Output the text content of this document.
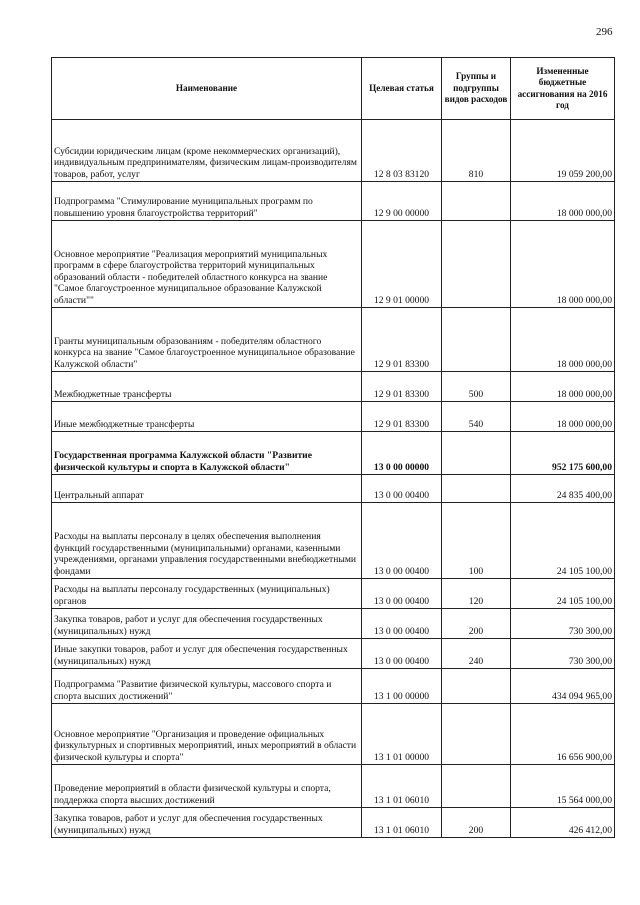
296
Наименование	Целевая статья	Группы и подгруппы видов расходов	Измененные бюджетные ассигнования на 2016 год
Субсидии юридическим лицам (кроме некоммерческих организаций), индивидуальным предпринимателям, физическим лицам-производителям товаров, работ, услуг	12 8 03 83120	810	19 059 200,00
Подпрограмма "Стимулирование муниципальных программ по повышению уровня благоустройства территорий"	12 9 00 00000		18 000 000,00
Основное мероприятие "Реализация мероприятий муниципальных программ в сфере благоустройства территорий муниципальных образований области - победителей областного конкурса на звание "Самое благоустроенное муниципальное образование Калужской области""	12 9 01 00000		18 000 000,00
Гранты муниципальным образованиям - победителям областного конкурса на звание "Самое благоустроенное муниципальное образование Калужской области"	12 9 01 83300		18 000 000,00
Межбюджетные трансферты	12 9 01 83300	500	18 000 000,00
Иные межбюджетные трансферты	12 9 01 83300	540	18 000 000,00
Государственная программа Калужской области "Развитие физической культуры и спорта в Калужской области"	13 0 00 00000		952 175 600,00
Центральный аппарат	13 0 00 00400		24 835 400,00
Расходы на выплаты персоналу в целях обеспечения выполнения функций государственными (муниципальными) органами, казенными учреждениями, органами управления государственными внебюджетными фондами	13 0 00 00400	100	24 105 100,00
Расходы на выплаты персоналу государственных (муниципальных) органов	13 0 00 00400	120	24 105 100,00
Закупка товаров, работ и услуг для обеспечения государственных (муниципальных) нужд	13 0 00 00400	200	730 300,00
Иные закупки товаров, работ и услуг для обеспечения государственных (муниципальных) нужд	13 0 00 00400	240	730 300,00
Подпрограмма "Развитие физической культуры, массового спорта и спорта высших достижений"	13 1 00 00000		434 094 965,00
Основное мероприятие "Организация и проведение официальных физкультурных и спортивных мероприятий, иных мероприятий в области физической культуры и спорта"	13 1 01 00000		16 656 900,00
Проведение мероприятий в области физической культуры и спорта, поддержка спорта высших достижений	13 1 01 06010		15 564 000,00
Закупка товаров, работ и услуг для обеспечения государственных (муниципальных) нужд	13 1 01 06010	200	426 412,00
